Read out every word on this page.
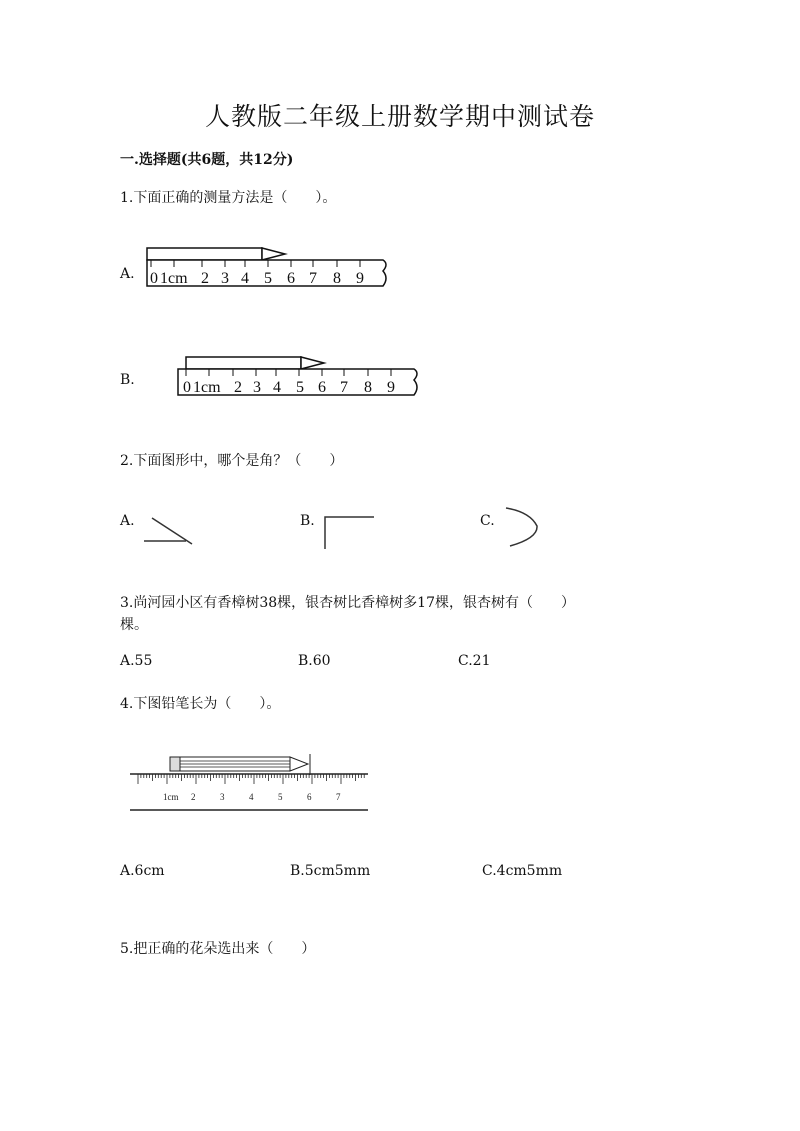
人教版二年级上册数学期中测试卷
一.选择题(共6题，共12分)
1.下面正确的测量方法是（　　）。
A. 0 1cm 2 3 4 5 6 7 8 9
B.	0 1cm 2 3 4 5 6 7 8 9
2.下面图形中，哪个是角？（　　）
A.	B.	C.
3.尚河园小区有香樟树38棵，银杏树比香樟树多17棵，银杏树有（　　）
棵。
A.55	B.60	C.21
4.下图铅笔长为（　　）。
1cm 2	3	4	5	6	7
A.6cm	B.5cm5mm	C.4cm5mm
5.把正确的花朵选出来（　　）
